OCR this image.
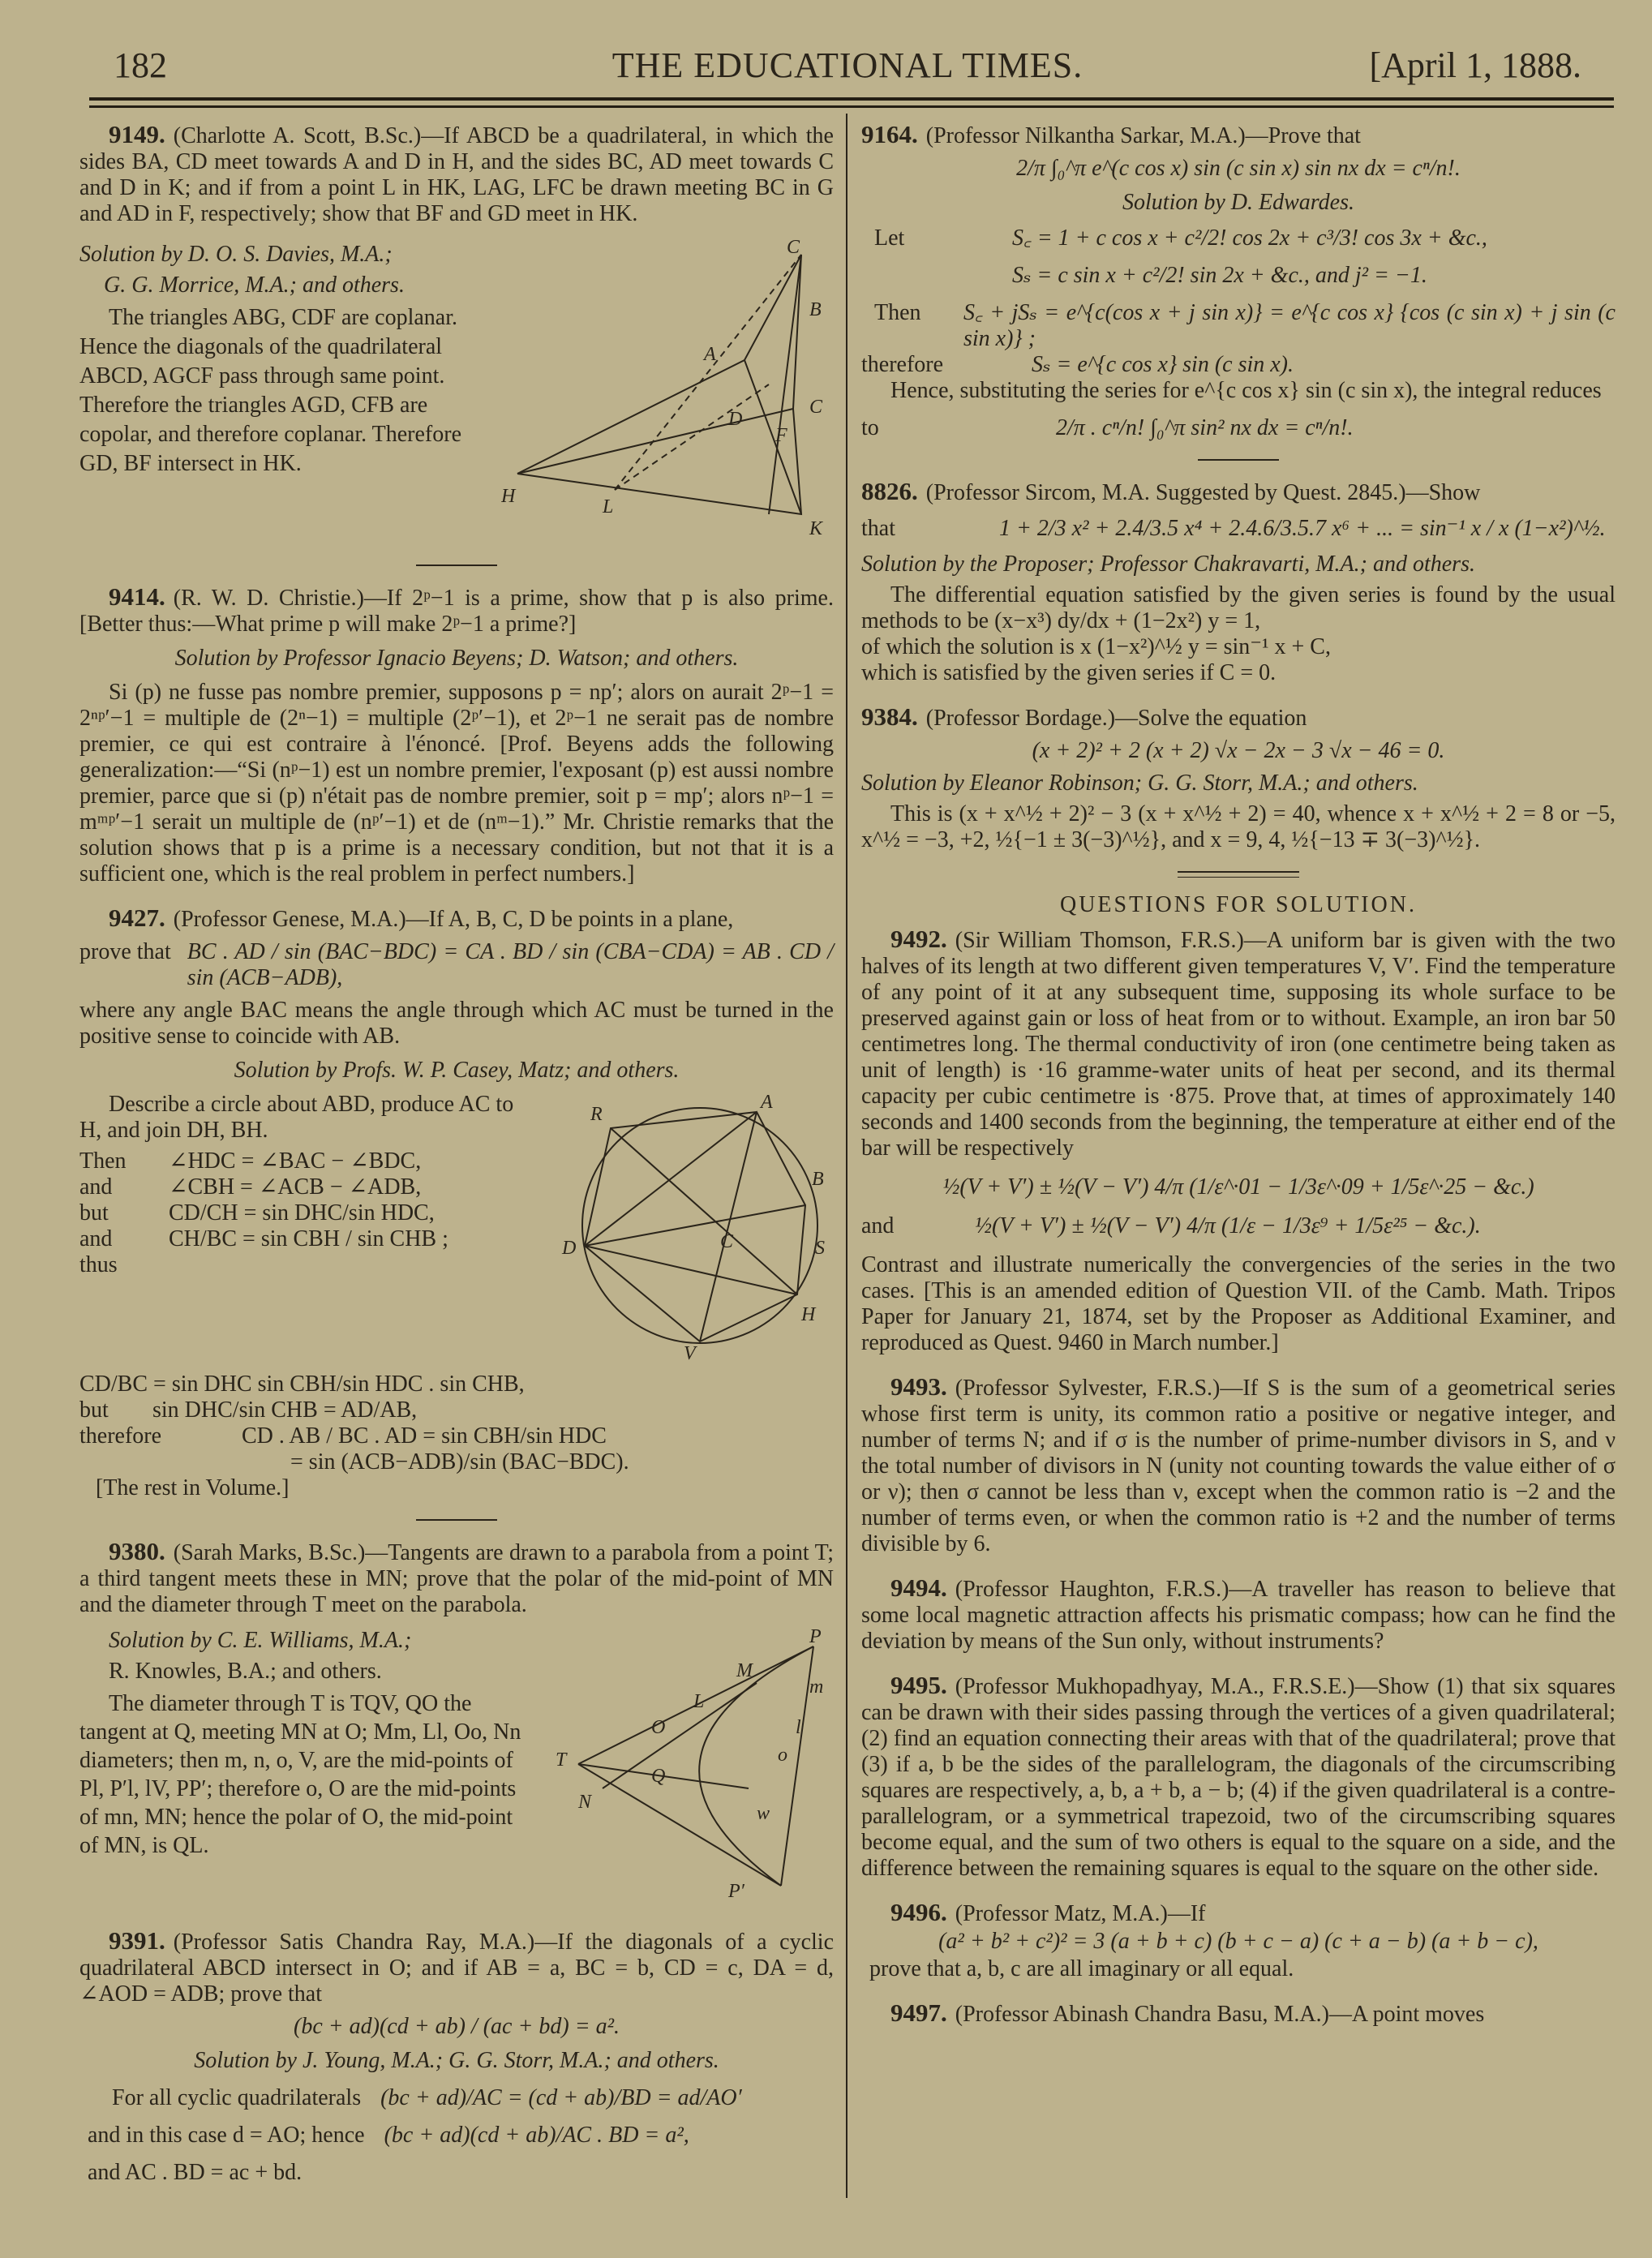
182	THE EDUCATIONAL TIMES.	[April 1, 1888.
9149. (Charlotte A. Scott, B.Sc.)—If ABCD be a quadrilateral, in which the sides BA, CD meet towards A and D in H, and the sides BC, AD meet towards C and D in K; and if from a point L in HK, LAG, LFC be drawn meeting BC in G and AD in F, respectively; show that BF and GD meet in HK.
C
B
A
D
F
C
H	L
K
Solution by D. O. S. Davies, M.A.;
G. G. Morrice, M.A.; and others.
The triangles ABG, CDF are coplanar. Hence the diagonals of the quadrilateral ABCD, AGCF pass through same point. Therefore the triangles AGD, CFB are copolar, and therefore coplanar. Therefore GD, BF intersect in HK.
9414. (R. W. D. Christie.)—If 2ᵖ−1 is a prime, show that p is also prime. [Better thus:—What prime p will make 2ᵖ−1 a prime?]
Solution by Professor Ignacio Beyens; D. Watson; and others.
Si (p) ne fusse pas nombre premier, supposons p = np′; alors on aurait 2ᵖ−1 = 2ⁿᵖ′−1 = multiple de (2ⁿ−1) = multiple (2ᵖ′−1), et 2ᵖ−1 ne serait pas de nombre premier, ce qui est contraire à l'énoncé. [Prof. Beyens adds the following generalization:—“Si (nᵖ−1) est un nombre premier, l'exposant (p) est aussi nombre premier, parce que si (p) n'était pas de nombre premier, soit p = mp′; alors nᵖ−1 = mᵐᵖ′−1 serait un multiple de (nᵖ′−1) et de (nᵐ−1).” Mr. Christie remarks that the solution shows that p is a prime is a necessary condition, but not that it is a sufficient one, which is the real problem in perfect numbers.]
9427. (Professor Genese, M.A.)—If A, B, C, D be points in a plane,
prove that BC . AD / sin (BAC−BDC) = CA . BD / sin (CBA−CDA) = AB . CD / sin (ACB−ADB),
where any angle BAC means the angle through which AC must be turned in the positive sense to coincide with AB.
Solution by Profs. W. P. Casey, Matz; and others.
A
B
R
C
D	S
H
V
Describe a circle about ABD, produce AC to H, and join DH, BH.
Then	∠HDC = ∠BAC − ∠BDC,
and	∠CBH = ∠ACB − ∠ADB,
but	CD/CH = sin DHC/sin HDC,
and	CH/BC = sin CBH / sin CHB ;
thus
CD/BC = sin DHC sin CBH/sin HDC . sin CHB,
but	sin DHC/sin CHB = AD/AB,
therefore	CD . AB / BC . AD = sin CBH/sin HDC
= sin (ACB−ADB)/sin (BAC−BDC).
[The rest in Volume.]
9380. (Sarah Marks, B.Sc.)—Tangents are drawn to a parabola from a point T; a third tangent meets these in MN; prove that the polar of the mid-point of MN and the diameter through T meet on the parabola.
P
M
m
L
l
O
o
T
Q
N
w
P′
Solution by C. E. Williams, M.A.;
R. Knowles, B.A.; and others.
The diameter through T is TQV, QO the tangent at Q, meeting MN at O; Mm, Ll, Oo, Nn diameters; then m, n, o, V, are the mid-points of Pl, P′l, lV, PP′; therefore o, O are the mid-points of mn, MN; hence the polar of O, the mid-point of MN, is QL.
9391. (Professor Satis Chandra Ray, M.A.)—If the diagonals of a cyclic quadrilateral ABCD intersect in O; and if AB = a, BC = b, CD = c, DA = d, ∠AOD = ADB; prove that
(bc + ad)(cd + ab) / (ac + bd) = a².
Solution by J. Young, M.A.; G. G. Storr, M.A.; and others.
For all cyclic quadrilaterals (bc + ad)/AC = (cd + ab)/BD = ad/AO′
and in this case d = AO; hence (bc + ad)(cd + ab)/AC . BD = a²,
and AC . BD = ac + bd.
9164. (Professor Nilkantha Sarkar, M.A.)—Prove that
2/π ∫₀^π e^(c cos x) sin (c sin x) sin nx dx = cⁿ/n!.
Solution by D. Edwardes.
Let	S꜀ = 1 + c cos x + c²/2! cos 2x + c³/3! cos 3x + &c.,
Sₛ = c sin x + c²/2! sin 2x + &c., and j² = −1.
Then	S꜀ + jSₛ = e^{c(cos x + j sin x)} = e^{c cos x} {cos (c sin x) + j sin (c sin x)} ;
therefore	Sₛ = e^{c cos x} sin (c sin x).
Hence, substituting the series for e^{c cos x} sin (c sin x), the integral reduces
to	2/π . cⁿ/n! ∫₀^π sin² nx dx = cⁿ/n!.
8826. (Professor Sircom, M.A. Suggested by Quest. 2845.)—Show
that	1 + 2/3 x² + 2.4/3.5 x⁴ + 2.4.6/3.5.7 x⁶ + ... = sin⁻¹ x / x (1−x²)^½.
Solution by the Proposer; Professor Chakravarti, M.A.; and others.
The differential equation satisfied by the given series is found by the usual methods to be (x−x³) dy/dx + (1−2x²) y = 1,
of which the solution is x (1−x²)^½ y = sin⁻¹ x + C,
which is satisfied by the given series if C = 0.
9384. (Professor Bordage.)—Solve the equation
(x + 2)² + 2 (x + 2) √x − 2x − 3 √x − 46 = 0.
Solution by Eleanor Robinson; G. G. Storr, M.A.; and others.
This is (x + x^½ + 2)² − 3 (x + x^½ + 2) = 40, whence x + x^½ + 2 = 8 or −5, x^½ = −3, +2, ½{−1 ± 3(−3)^½}, and x = 9, 4, ½{−13 ∓ 3(−3)^½}.
QUESTIONS FOR SOLUTION.
9492. (Sir William Thomson, F.R.S.)—A uniform bar is given with the two halves of its length at two different given temperatures V, V′. Find the temperature of any point of it at any subsequent time, supposing its whole surface to be preserved against gain or loss of heat from or to without. Example, an iron bar 50 centimetres long. The thermal conductivity of iron (one centimetre being taken as unit of length) is ·16 gramme-water units of heat per second, and its thermal capacity per cubic centimetre is ·875. Prove that, at times of approximately 140 seconds and 1400 seconds from the beginning, the temperature at either end of the bar will be respectively
½(V + V′) ± ½(V − V′) 4/π (1/ε^·01 − 1/3ε^·09 + 1/5ε^·25 − &c.)
and	½(V + V′) ± ½(V − V′) 4/π (1/ε − 1/3ε⁹ + 1/5ε²⁵ − &c.).
Contrast and illustrate numerically the convergencies of the series in the two cases. [This is an amended edition of Question VII. of the Camb. Math. Tripos Paper for January 21, 1874, set by the Proposer as Additional Examiner, and reproduced as Quest. 9460 in March number.]
9493. (Professor Sylvester, F.R.S.)—If S is the sum of a geometrical series whose first term is unity, its common ratio a positive or negative integer, and number of terms N; and if σ is the number of prime-number divisors in S, and ν the total number of divisors in N (unity not counting towards the value either of σ or ν); then σ cannot be less than ν, except when the common ratio is −2 and the number of terms even, or when the common ratio is +2 and the number of terms divisible by 6.
9494. (Professor Haughton, F.R.S.)—A traveller has reason to believe that some local magnetic attraction affects his prismatic compass; how can he find the deviation by means of the Sun only, without instruments?
9495. (Professor Mukhopadhyay, M.A., F.R.S.E.)—Show (1) that six squares can be drawn with their sides passing through the vertices of a given quadrilateral; (2) find an equation connecting their areas with that of the quadrilateral; prove that (3) if a, b be the sides of the parallelogram, the diagonals of the circumscribing squares are respectively, a, b, a + b, a − b; (4) if the given quadrilateral is a contre-parallelogram, or a symmetrical trapezoid, two of the circumscribing squares become equal, and the sum of two others is equal to the square on a side, and the difference between the remaining squares is equal to the square on the other side.
9496. (Professor Matz, M.A.)—If
(a² + b² + c²)² = 3 (a + b + c) (b + c − a) (c + a − b) (a + b − c),
prove that a, b, c are all imaginary or all equal.
9497. (Professor Abinash Chandra Basu, M.A.)—A point moves
